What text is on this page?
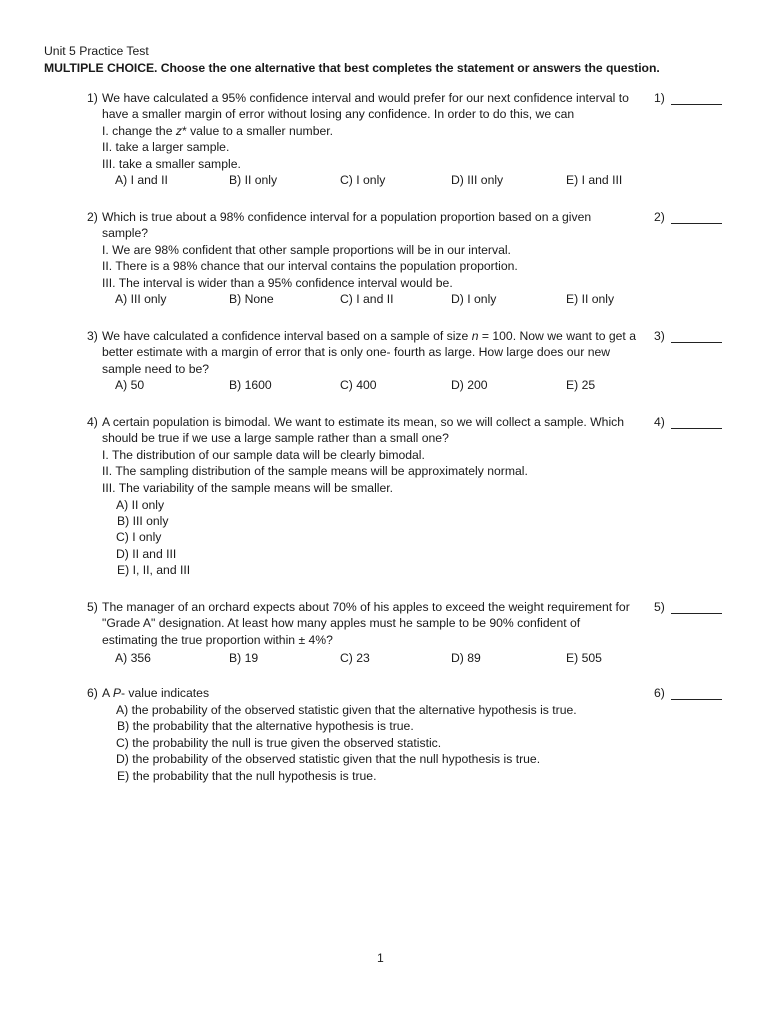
Unit 5 Practice Test
MULTIPLE CHOICE. Choose the one alternative that best completes the statement or answers the question.
1) We have calculated a 95% confidence interval and would prefer for our next confidence interval to
have a smaller margin of error without losing any confidence. In order to do this, we can
I. change the z* value to a smaller number.
II. take a larger sample.
III. take a smaller sample.
A) I and II	B) II only	C) I only	D) III only	E) I and III
1)
2) Which is true about a 98% confidence interval for a population proportion based on a given
sample?
I. We are 98% confident that other sample proportions will be in our interval.
II. There is a 98% chance that our interval contains the population proportion.
III. The interval is wider than a 95% confidence interval would be.
A) III only	B) None	C) I and II	D) I only	E) II only
2)
3) We have calculated a confidence interval based on a sample of size n = 100. Now we want to get a
better estimate with a margin of error that is only one- fourth as large. How large does our new
sample need to be?
A) 50	B) 1600	C) 400	D) 200	E) 25
3)
4) A certain population is bimodal. We want to estimate its mean, so we will collect a sample. Which
should be true if we use a large sample rather than a small one?
I. The distribution of our sample data will be clearly bimodal.
II. The sampling distribution of the sample means will be approximately normal.
III. The variability of the sample means will be smaller.
A) II only
B) III only
C) I only
D) II and III
E) I, II, and III
4)
5) The manager of an orchard expects about 70% of his apples to exceed the weight requirement for
"Grade A" designation. At least how many apples must he sample to be 90% confident of
estimating the true proportion within ± 4%?
A) 356	B) 19	C) 23	D) 89	E) 505
5)
6) A P- value indicates
A) the probability of the observed statistic given that the alternative hypothesis is true.
B) the probability that the alternative hypothesis is true.
C) the probability the null is true given the observed statistic.
D) the probability of the observed statistic given that the null hypothesis is true.
E) the probability that the null hypothesis is true.
6)
1
